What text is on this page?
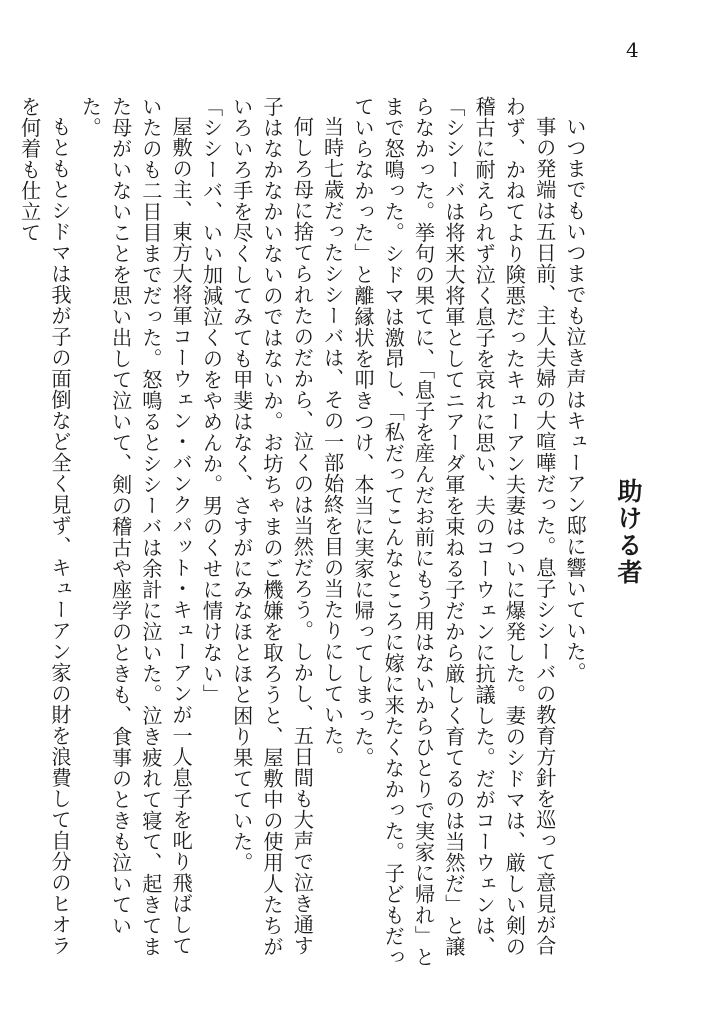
4
助ける者

いつまでもいつまでも泣き声はキューアン邸に響いていた。

事の発端は五日前、主人夫婦の大喧嘩だった。息子シシーバの教育方針を巡って意見が合わず、かねてより険悪だったキューアン夫妻はついに爆発した。妻のシドマは、厳しい剣の稽古に耐えられず泣く息子を哀れに思い、夫のコーウェンに抗議した。だがコーウェンは、「シシーバは将来大将軍としてニアーダ軍を束ねる子だから厳しく育てるのは当然だ」と譲らなかった。挙句の果てに、「息子を産んだお前にもう用はないからひとりで実家に帰れ」とまで怒鳴った。シドマは激昂し、「私だってこんなところに嫁に来たくなかった。子どもだっていらなかった」と離縁状を叩きつけ、本当に実家に帰ってしまった。

当時七歳だったシシーバは、その一部始終を目の当たりにしていた。

何しろ母に捨てられたのだから、泣くのは当然だろう。しかし、五日間も大声で泣き通す子はなかなかいないのではないか。お坊ちゃまのご機嫌を取ろうと、屋敷中の使用人たちがいろいろ手を尽くしてみても甲斐はなく、さすがにみなほとほと困り果てていた。

「シシーバ、いい加減泣くのをやめんか。男のくせに情けない」

屋敷の主、東方大将軍コーウェン・バンクパット・キューアンが一人息子を叱り飛ばしていたのも二日目までだった。怒鳴るとシシーバは余計に泣いた。泣き疲れて寝て、起きてまた母がいないことを思い出して泣いて、剣の稽古や座学のときも、食事のときも泣いていた。

もともとシドマは我が子の面倒など全く見ず、キューアン家の財を浪費して自分のヒオラを何着も仕立て
